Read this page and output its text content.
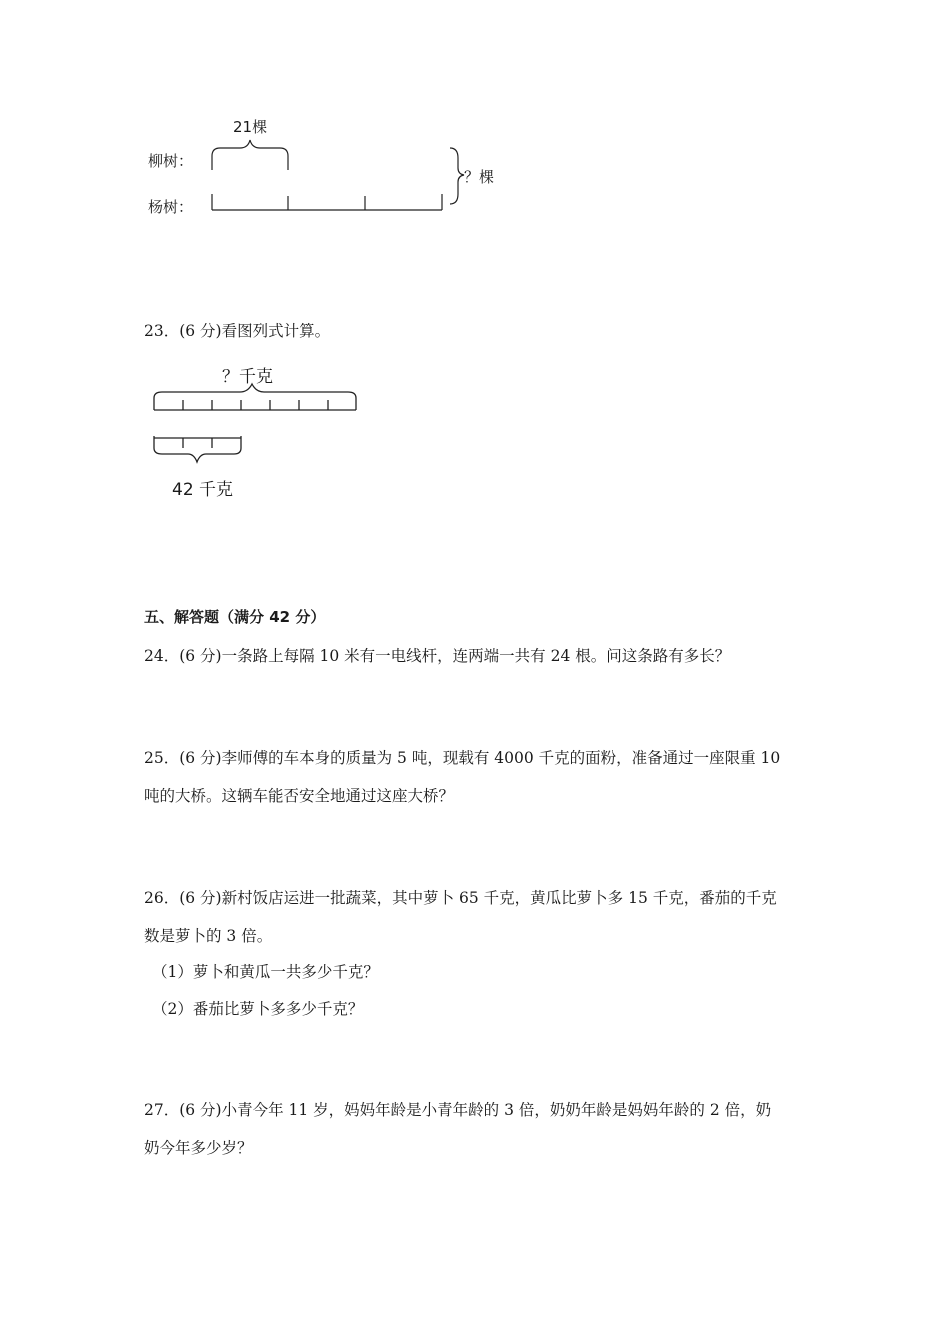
21棵
柳树：
杨树：
？棵
23．(6 分)看图列式计算。
？千克
42 千克
五、解答题（满分 42 分）
24．(6 分)一条路上每隔 10 米有一电线杆，连两端一共有 24 根。问这条路有多长？
25．(6 分)李师傅的车本身的质量为 5 吨，现载有 4000 千克的面粉，准备通过一座限重 10
吨的大桥。这辆车能否安全地通过这座大桥？
26．(6 分)新村饭店运进一批蔬菜，其中萝卜 65 千克，黄瓜比萝卜多 15 千克，番茄的千克
数是萝卜的 3 倍。
（1）萝卜和黄瓜一共多少千克？
（2）番茄比萝卜多多少千克？
27．(6 分)小青今年 11 岁，妈妈年龄是小青年龄的 3 倍，奶奶年龄是妈妈年龄的 2 倍，奶
奶今年多少岁？
